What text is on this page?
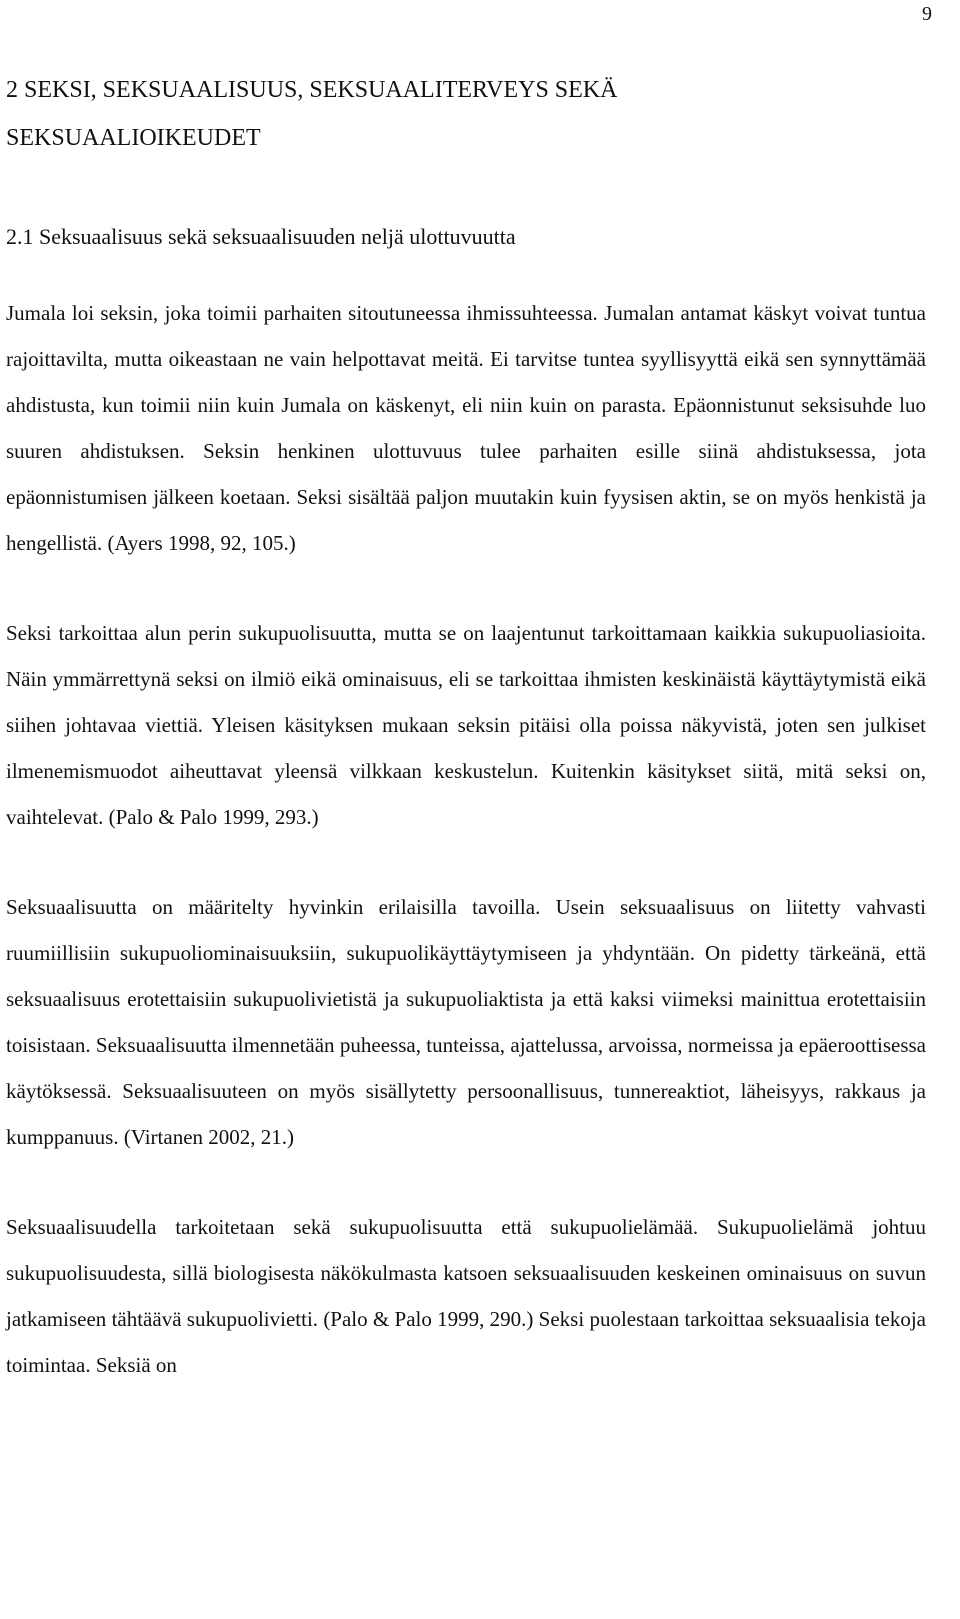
9
2 SEKSI, SEKSUAALISUUS, SEKSUAALITERVEYS SEKÄ
SEKSUAALIOIKEUDET
2.1 Seksuaalisuus sekä seksuaalisuuden neljä ulottuvuutta

Jumala loi seksin, joka toimii parhaiten sitoutuneessa ihmissuhteessa. Jumalan antamat käskyt voivat tuntua rajoittavilta, mutta oikeastaan ne vain helpottavat meitä. Ei tarvitse tuntea syyllisyyttä eikä sen synnyttämää ahdistusta, kun toimii niin kuin Jumala on käskenyt, eli niin kuin on parasta. Epäonnistunut seksisuhde luo suuren ahdistuksen. Seksin henkinen ulottuvuus tulee parhaiten esille siinä ahdistuksessa, jota epäonnistumisen jälkeen koetaan. Seksi sisältää paljon muutakin kuin fyysisen aktin, se on myös henkistä ja hengellistä. (Ayers 1998, 92, 105.)

Seksi tarkoittaa alun perin sukupuolisuutta, mutta se on laajentunut tarkoittamaan kaikkia sukupuoliasioita. Näin ymmärrettynä seksi on ilmiö eikä ominaisuus, eli se tarkoittaa ihmisten keskinäistä käyttäytymistä eikä siihen johtavaa viettiä. Yleisen käsityksen mukaan seksin pitäisi olla poissa näkyvistä, joten sen julkiset ilmenemismuodot aiheuttavat yleensä vilkkaan keskustelun. Kuitenkin käsitykset siitä, mitä seksi on, vaihtelevat. (Palo & Palo 1999, 293.)

Seksuaalisuutta on määritelty hyvinkin erilaisilla tavoilla. Usein seksuaalisuus on liitetty vahvasti ruumiillisiin sukupuoliominaisuuksiin, sukupuolikäyttäytymiseen ja yhdyntään. On pidetty tärkeänä, että seksuaalisuus erotettaisiin sukupuolivietistä ja sukupuoliaktista ja että kaksi viimeksi mainittua erotettaisiin toisistaan. Seksuaalisuutta ilmennetään puheessa, tunteissa, ajattelussa, arvoissa, normeissa ja epäeroottisessa käytöksessä. Seksuaalisuuteen on myös sisällytetty persoonallisuus, tunnereaktiot, läheisyys, rakkaus ja kumppanuus. (Virtanen 2002, 21.)

Seksuaalisuudella tarkoitetaan sekä sukupuolisuutta että sukupuolielämää. Sukupuolielämä johtuu sukupuolisuudesta, sillä biologisesta näkökulmasta katsoen seksuaalisuuden keskeinen ominaisuus on suvun jatkamiseen tähtäävä sukupuolivietti. (Palo & Palo 1999, 290.) Seksi puolestaan tarkoittaa seksuaalisia tekoja toimintaa. Seksiä on
